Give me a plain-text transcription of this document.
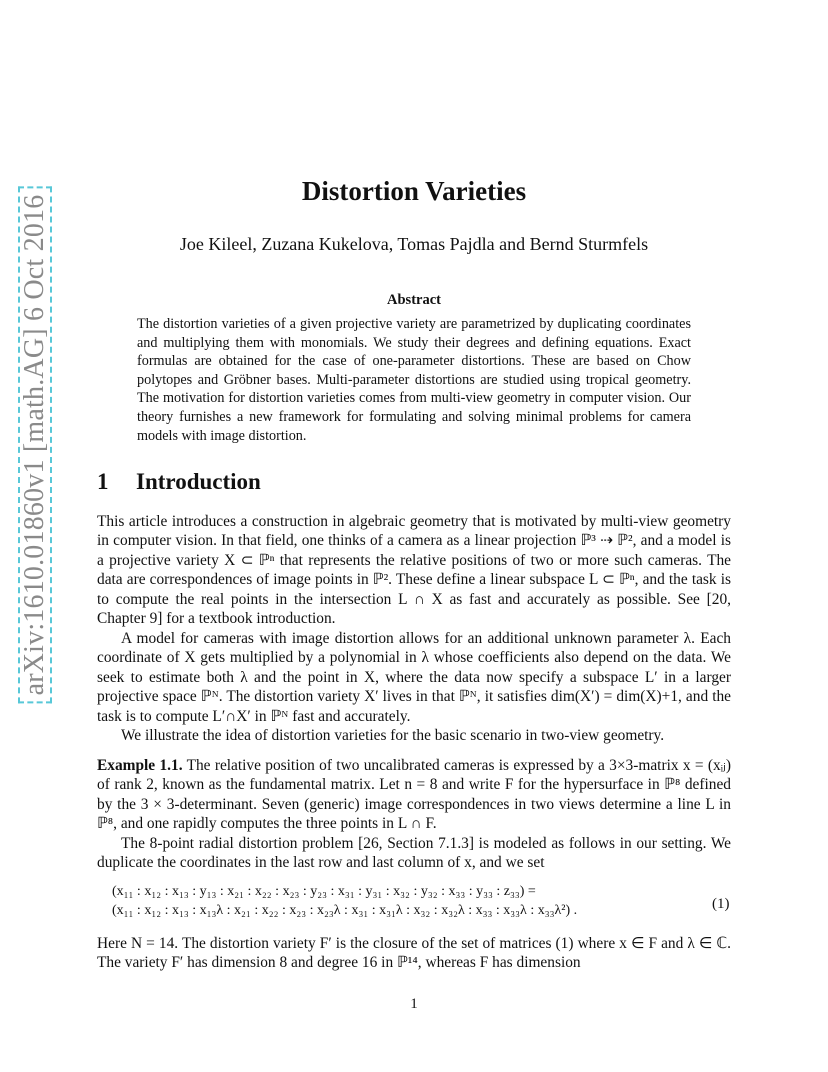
arXiv:1610.01860v1 [math.AG] 6 Oct 2016
Distortion Varieties
Joe Kileel, Zuzana Kukelova, Tomas Pajdla and Bernd Sturmfels
Abstract
The distortion varieties of a given projective variety are parametrized by duplicating coordinates and multiplying them with monomials. We study their degrees and defining equations. Exact formulas are obtained for the case of one-parameter distortions. These are based on Chow polytopes and Gröbner bases. Multi-parameter distortions are studied using tropical geometry. The motivation for distortion varieties comes from multi-view geometry in computer vision. Our theory furnishes a new framework for formulating and solving minimal problems for camera models with image distortion.
1 Introduction

This article introduces a construction in algebraic geometry that is motivated by multi-view geometry in computer vision. In that field, one thinks of a camera as a linear projection ℙ³ ⇢ ℙ², and a model is a projective variety X ⊂ ℙⁿ that represents the relative positions of two or more such cameras. The data are correspondences of image points in ℙ². These define a linear subspace L ⊂ ℙⁿ, and the task is to compute the real points in the intersection L ∩ X as fast and accurately as possible. See [20, Chapter 9] for a textbook introduction.

A model for cameras with image distortion allows for an additional unknown parameter λ. Each coordinate of X gets multiplied by a polynomial in λ whose coefficients also depend on the data. We seek to estimate both λ and the point in X, where the data now specify a subspace L′ in a larger projective space ℙᴺ. The distortion variety X′ lives in that ℙᴺ, it satisfies dim(X′) = dim(X)+1, and the task is to compute L′∩X′ in ℙᴺ fast and accurately.

We illustrate the idea of distortion varieties for the basic scenario in two-view geometry.

Example 1.1. The relative position of two uncalibrated cameras is expressed by a 3×3-matrix x = (xᵢⱼ) of rank 2, known as the fundamental matrix. Let n = 8 and write F for the hypersurface in ℙ⁸ defined by the 3 × 3-determinant. Seven (generic) image correspondences in two views determine a line L in ℙ⁸, and one rapidly computes the three points in L ∩ F.

The 8-point radial distortion problem [26, Section 7.1.3] is modeled as follows in our setting. We duplicate the coordinates in the last row and last column of x, and we set

(x₁₁ : x₁₂ : x₁₃ : y₁₃ : x₂₁ : x₂₂ : x₂₃ : y₂₃ : x₃₁ : y₃₁ : x₃₂ : y₃₂ : x₃₃ : y₃₃ : z₃₃) =
(x₁₁ : x₁₂ : x₁₃ : x₁₃λ : x₂₁ : x₂₂ : x₂₃ : x₂₃λ : x₃₁ : x₃₁λ : x₃₂ : x₃₂λ : x₃₃ : x₃₃λ : x₃₃λ²) .	(1)

Here N = 14. The distortion variety F′ is the closure of the set of matrices (1) where x ∈ F and λ ∈ ℂ. The variety F′ has dimension 8 and degree 16 in ℙ¹⁴, whereas F has dimension

1
